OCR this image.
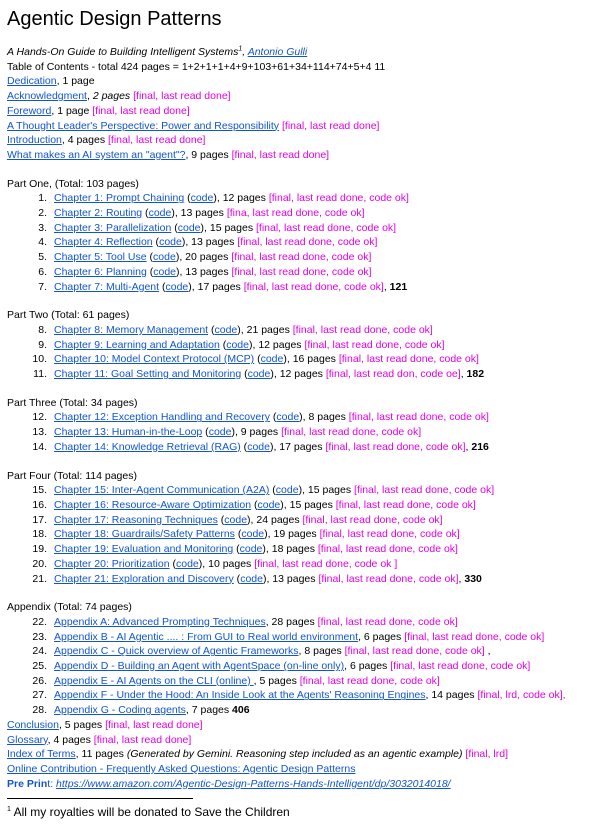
Agentic Design Patterns
A Hands-On Guide to Building Intelligent Systems$^1$, Antonio Gulli
Table of Contents - total 424 pages = 1+2+1+1+4+9+103+61+34+114+74+5+4 11
Dedication, 1 page
Acknowledgment, 2 pages [final, last read done]
Foreword, 1 page [final, last read done]
A Thought Leader's Perspective: Power and Responsibility [final, last read done]
Introduction, 4 pages [final, last read done]
What makes an AI system an "agent"?, 9 pages [final, last read done]
Part One, (Total: 103 pages)
1. Chapter 1: Prompt Chaining (code), 12 pages [final, last read done, code ok]
2. Chapter 2: Routing (code), 13 pages [fina, last read done, code ok]
3. Chapter 3: Parallelization (code), 15 pages [final, last read done, code ok]
4. Chapter 4: Reflection (code), 13 pages [final, last read done, code ok]
5. Chapter 5: Tool Use (code), 20 pages [final, last read done, code ok]
6. Chapter 6: Planning (code), 13 pages [final, last read done, code ok]
7. Chapter 7: Multi-Agent (code), 17 pages [final, last read done, code ok], 121
Part Two (Total: 61 pages)
8. Chapter 8: Memory Management (code), 21 pages [final, last read done, code ok]
9. Chapter 9: Learning and Adaptation (code), 12 pages [final, last read done, code ok]
10. Chapter 10: Model Context Protocol (MCP) (code), 16 pages [final, last read done, code ok]
11. Chapter 11: Goal Setting and Monitoring (code), 12 pages [final, last read don, code oe], 182
Part Three (Total: 34 pages)
12. Chapter 12: Exception Handling and Recovery (code), 8 pages [final, last read done, code ok]
13. Chapter 13: Human-in-the-Loop (code), 9 pages [final, last read done, code ok]
14. Chapter 14: Knowledge Retrieval (RAG) (code), 17 pages [final, last read done, code ok], 216
Part Four (Total: 114 pages)
15. Chapter 15: Inter-Agent Communication (A2A) (code), 15 pages [final, last read done, code ok]
16. Chapter 16: Resource-Aware Optimization (code), 15 pages [final, last read done, code ok]
17. Chapter 17: Reasoning Techniques (code), 24 pages [final, last read done, code ok]
18. Chapter 18: Guardrails/Safety Patterns (code), 19 pages [final, last read done, code ok]
19. Chapter 19: Evaluation and Monitoring (code), 18 pages [final, last read done, code ok]
20. Chapter 20: Prioritization (code), 10 pages [final, last read done, code ok ]
21. Chapter 21: Exploration and Discovery (code), 13 pages [final, last read done, code ok], 330
Appendix (Total: 74 pages)
22. Appendix A: Advanced Prompting Techniques, 28 pages [final, last read done, code ok]
23. Appendix B - AI Agentic .... : From GUI to Real world environment, 6 pages [final, last read done, code ok]
24. Appendix C - Quick overview of Agentic Frameworks, 8 pages [final, last read done, code ok] ,
25. Appendix D - Building an Agent with AgentSpace (on-line only), 6 pages [final, last read done, code ok]
26. Appendix E - AI Agents on the CLI (online) , 5 pages [final, last read done, code ok]
27. Appendix F - Under the Hood: An Inside Look at the Agents' Reasoning Engines, 14 pages [final, lrd, code ok],
28. Appendix G - Coding agents, 7 pages 406
Conclusion, 5 pages [final, last read done]
Glossary, 4 pages [final, last read done]
Index of Terms, 11 pages (Generated by Gemini. Reasoning step included as an agentic example) [final, lrd]
Online Contribution - Frequently Asked Questions: Agentic Design Patterns
Pre Print: https://www.amazon.com/Agentic-Design-Patterns-Hands-Intelligent/dp/3032014018/
$^1$ All my royalties will be donated to Save the Children
